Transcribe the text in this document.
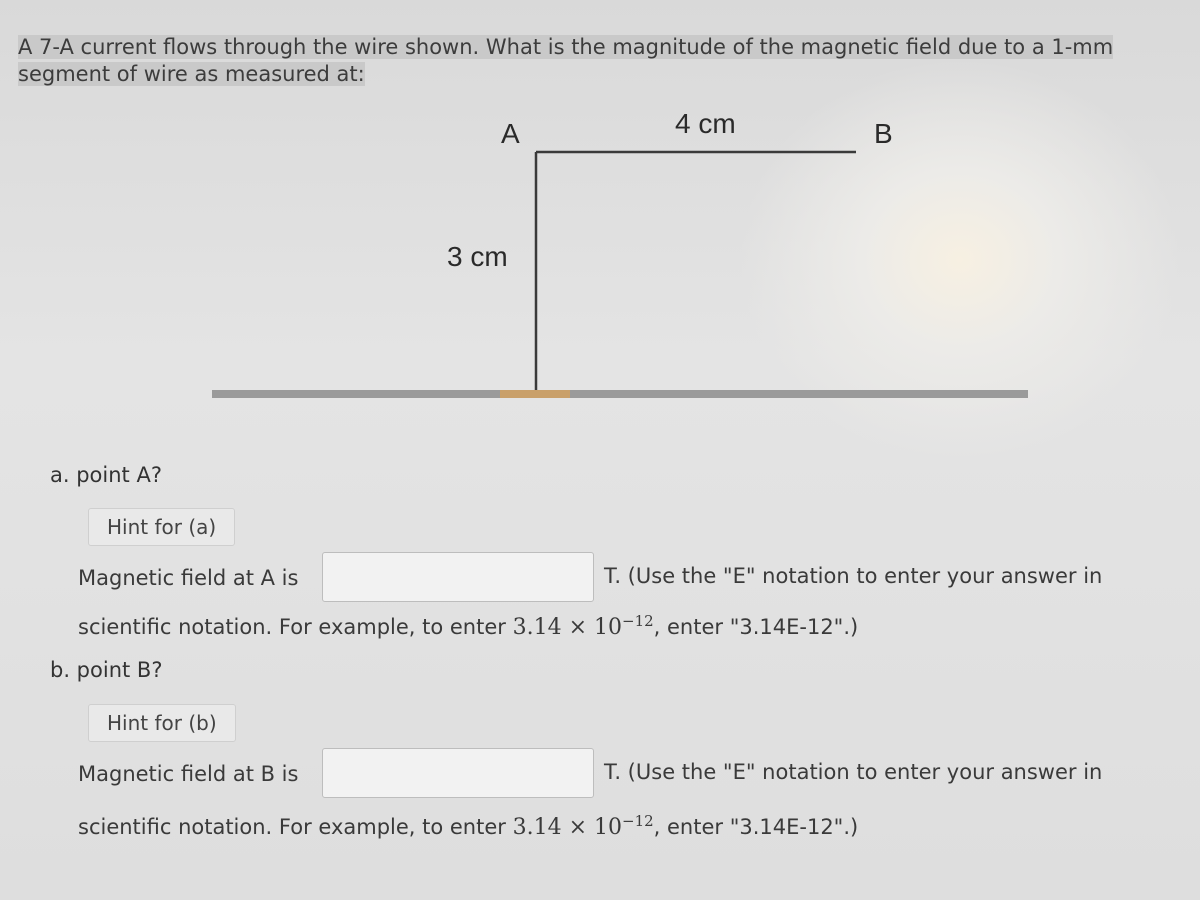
A 7-A current flows through the wire shown. What is the magnitude of the magnetic field due to a 1-mm
segment of wire as measured at:
A	B
4 cm
3 cm
a. point A?
Hint for (a)
Magnetic field at A is	T. (Use the "E" notation to enter your answer in
scientific notation. For example, to enter $3.14 \times 10^{-12}$, enter "3.14E-12".)
b. point B?
Hint for (b)
Magnetic field at B is	T. (Use the "E" notation to enter your answer in
scientific notation. For example, to enter $3.14 \times 10^{-12}$, enter "3.14E-12".)
